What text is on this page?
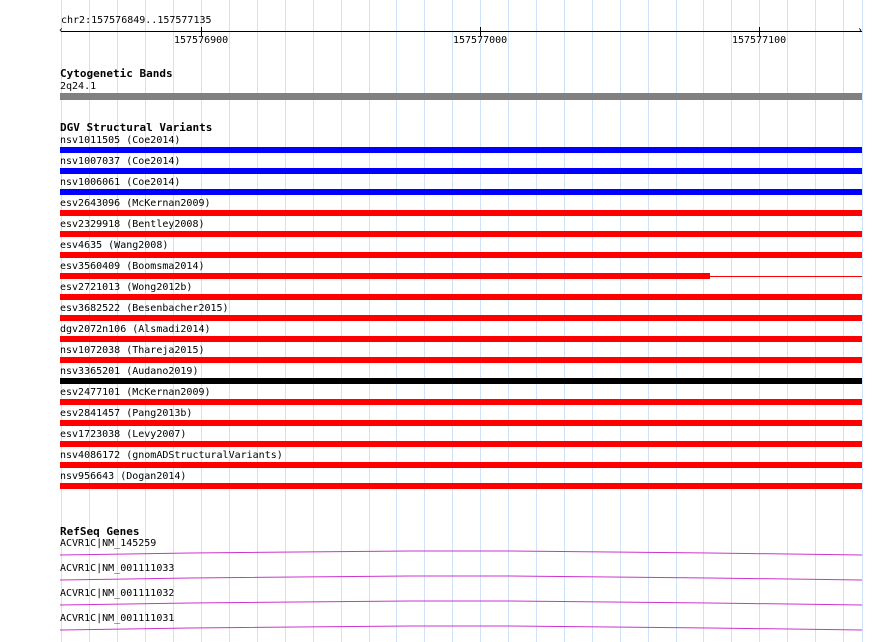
chr2:157576849..157577135
‹	›
157576900	157577000	157577100
Cytogenetic Bands
2q24.1
DGV Structural Variants
nsv1011505 (Coe2014)
nsv1007037 (Coe2014)
nsv1006061 (Coe2014)
esv2643096 (McKernan2009)
esv2329918 (Bentley2008)
esv4635 (Wang2008)
esv3560409 (Boomsma2014)
esv2721013 (Wong2012b)
esv3682522 (Besenbacher2015)
dgv2072n106 (Alsmadi2014)
nsv1072038 (Thareja2015)
nsv3365201 (Audano2019)
esv2477101 (McKernan2009)
esv2841457 (Pang2013b)
esv1723038 (Levy2007)
nsv4086172 (gnomADStructuralVariants)
nsv956643 (Dogan2014)
RefSeq Genes
ACVR1C|NM_145259
ACVR1C|NM_001111033
ACVR1C|NM_001111032
ACVR1C|NM_001111031
